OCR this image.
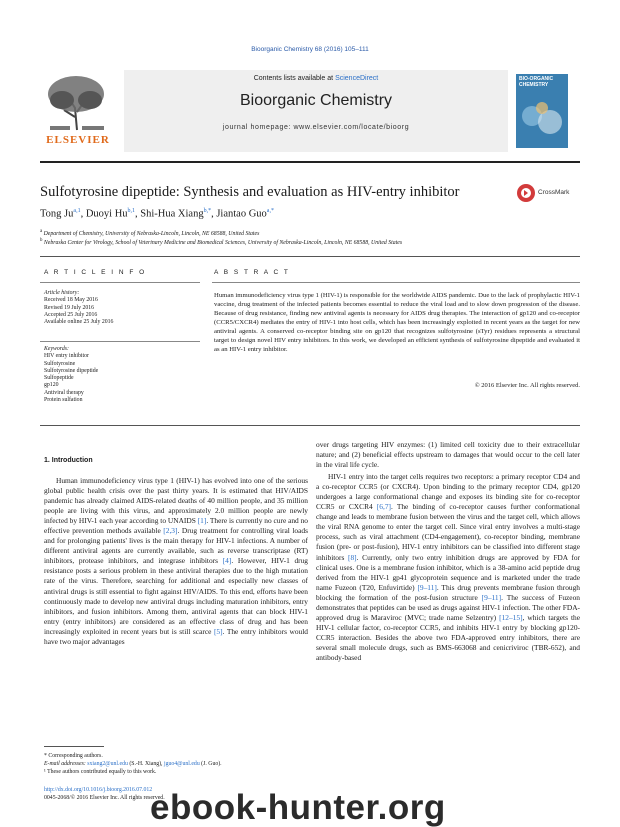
Bioorganic Chemistry 68 (2016) 105–111
ELSEVIER
Contents lists available at ScienceDirect
Bioorganic Chemistry
journal homepage: www.elsevier.com/locate/bioorg
BIO-ORGANIC CHEMISTRY
Sulfotyrosine dipeptide: Synthesis and evaluation as HIV-entry inhibitor	CrossMark
Tong Ju$^{a,1}$, Duoyi Hu$^{b,1}$, Shi-Hua Xiang$^{b,*}$, Jiantao Guo$^{a,*}$
$^a$ Department of Chemistry, University of Nebraska-Lincoln, Lincoln, NE 68588, United States
$^b$ Nebraska Center for Virology, School of Veterinary Medicine and Biomedical Sciences, University of Nebraska-Lincoln, Lincoln, NE 68588, United States
A R T I C L E I N F O	A B S T R A C T
Article history:
Received 18 May 2016
Revised 19 July 2016
Accepted 25 July 2016
Available online 25 July 2016
Keywords:
HIV entry inhibitor
Sulfotyrosine
Sulfotyrosine dipeptide
Sulfopeptide
gp120
Antiviral therapy
Protein sulfation
Human immunodeficiency virus type 1 (HIV-1) is responsible for the worldwide AIDS pandemic. Due to the lack of prophylactic HIV-1 vaccine, drug treatment of the infected patients becomes essential to reduce the viral load and to slow down progression of the disease. Because of drug resistance, finding new antiviral agents is necessary for AIDS drug therapies. The interaction of gp120 and co-receptor (CCR5/CXCR4) mediates the entry of HIV-1 into host cells, which has been increasingly exploited in recent years as the target for new antiviral agents. A conserved co-receptor binding site on gp120 that recognizes sulfotyrosine (sTyr) residues represents a structural target to design novel HIV entry inhibitors. In this work, we developed an efficient synthesis of sulfotyrosine dipeptide and evaluated it as an HIV-1 entry inhibitor.
© 2016 Elsevier Inc. All rights reserved.
1. Introduction

Human immunodeficiency virus type 1 (HIV-1) has evolved into one of the serious global public health crisis over the past thirty years. It is estimated that HIV/AIDS pandemic has already claimed AIDS-related deaths of 40 million people, and 35 million people are living with this virus, and approximately 2.0 million people are newly infected by HIV-1 each year according to UNAIDS [1]. There is currently no cure and no effective prevention methods available [2,3]. Drug treatment for controlling viral loads and for prolonging patients' lives is the main therapy for HIV-1 infections. A number of different antiviral agents are currently available, such as reverse transcriptase (RT) inhibitors, protease inhibitors, and integrase inhibitors [4]. However, HIV-1 drug resistance posts a serious problem in these antiviral therapies due to the high mutation rate of the virus. Therefore, searching for additional and especially new classes of antiviral drugs is still essential to fight against HIV/AIDS. To this end, efforts have been continuously made to develop new antiviral drugs including maturation inhibitors, entry inhibitors, and fusion inhibitors. Among them, antiviral agents that can block HIV-1 entry (entry inhibitors) are considered as an effective class of drug and has been increasingly exploited in recent years but is still scarce [5]. The entry inhibitors would have two major advantages

over drugs targeting HIV enzymes: (1) limited cell toxicity due to their extracellular nature; and (2) beneficial effects upstream to damages that would occur to the cell later in the viral life cycle.

HIV-1 entry into the target cells requires two receptors: a primary receptor CD4 and a co-receptor CCR5 (or CXCR4). Upon binding to the primary receptor CD4, gp120 undergoes a large conformational change and exposes its binding site for co-receptor CCR5 or CXCR4 [6,7]. The binding of co-receptor causes further conformational change and leads to membrane fusion between the virus and the target cell, which allows the viral RNA genome to enter the target cell. Since viral entry involves a multi-stage process, such as viral attachment (CD4-engagement), co-receptor binding, membrane fusion (pre- or post-fusion), HIV-1 entry inhibitors can be classified into different stage inhibitors [8]. Currently, only two entry inhibition drugs are approved by FDA for clinical uses. One is a membrane fusion inhibitor, which is a 38-amino acid peptide drug derived from the HIV-1 gp41 glycoprotein sequence and is marketed under the trade name Fuzeon (T20, Enfuvirtide) [9–11]. This drug prevents membrane fusion through blocking the formation of the post-fusion structure [9–11]. The success of Fuzeon demonstrates that peptides can be used as drugs against HIV-1 infection. The other FDA-approved drug is Maraviroc (MVC; trade name Selzentry) [12–15], which targets the HIV-1 cellular factor, co-receptor CCR5, and inhibits HIV-1 entry by blocking gp120-CCR5 interaction. Besides the above two FDA-approved entry inhibitors, there are several small molecule drugs, such as BMS-663068 and cenicriviroc (TBR-652), and antibody-based

* Corresponding authors.
E-mail addresses: sxiang2@unl.edu (S.-H. Xiang), jguo4@unl.edu (J. Guo).
¹ These authors contributed equally to this work.
http://dx.doi.org/10.1016/j.bioorg.2016.07.012
0045-2068/© 2016 Elsevier Inc. All rights reserved.
ebook-hunter.org
